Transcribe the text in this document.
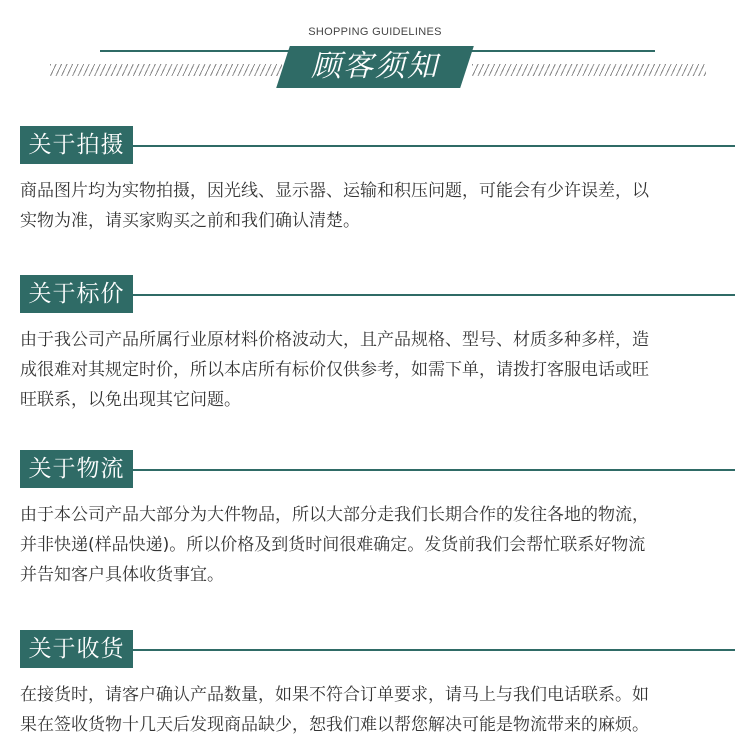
SHOPPING GUIDELINES
顾客须知
关于拍摄
商品图片均为实物拍摄，因光线、显示器、运输和积压问题，可能会有少许误差，以
实物为准，请买家购买之前和我们确认清楚。
关于标价
由于我公司产品所属行业原材料价格波动大，且产品规格、型号、材质多种多样，造
成很难对其规定时价，所以本店所有标价仅供参考，如需下单，请拨打客服电话或旺
旺联系，以免出现其它问题。
关于物流
由于本公司产品大部分为大件物品，所以大部分走我们长期合作的发往各地的物流，
并非快递(样品快递)。所以价格及到货时间很难确定。发货前我们会帮忙联系好物流
并告知客户具体收货事宜。
关于收货
在接货时，请客户确认产品数量，如果不符合订单要求，请马上与我们电话联系。如
果在签收货物十几天后发现商品缺少，恕我们难以帮您解决可能是物流带来的麻烦。
